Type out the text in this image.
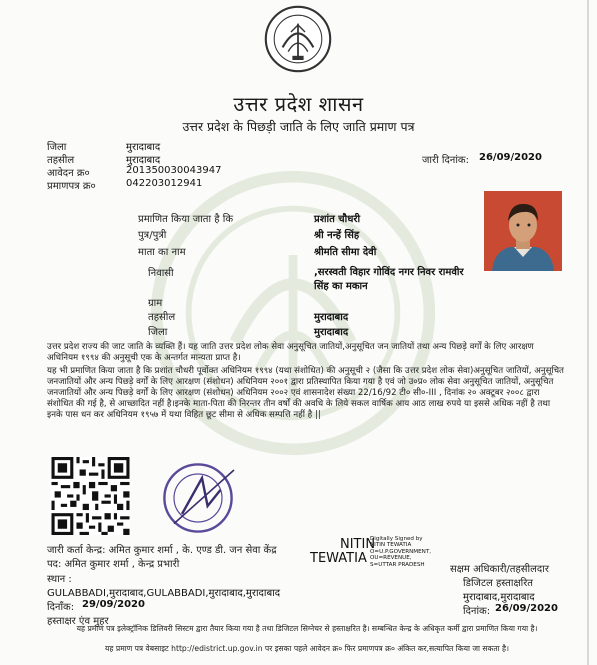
उत्तर प्रदेश शासन
उत्तर प्रदेश के पिछड़ी जाति के लिए जाति प्रमाण पत्र
जिला	मुरादाबाद
तहसील	मुरादाबाद
आवेदन क्र०	201350030043947
प्रमाणपत्र क्र०	042203012941
जारी दिनांक: 26/09/2020
प्रमाणित किया जाता है कि	प्रशांत चौधरी
पुत्र/पुत्री	श्री नन्हें सिंह
माता का नाम	श्रीमति सीमा देवी
निवासी	,सरस्वती विहार गोविंद नगर निवर रामवीर
सिंह का मकान
ग्राम
तहसील	मुरादाबाद
जिला	मुरादाबाद
उत्तर प्रदेश राज्य की जाट जाति के व्यक्ति हैं। यह जाति उत्तर प्रदेश लोक सेवा अनुसूचित जातियों,अनुसूचित जन जातियों तथा अन्य पिछड़े वर्गों के लिए आरक्षण अधिनियम १९९४ की अनुसूची एक के अन्तर्गत मान्यता प्राप्त है।
यह भी प्रमाणित किया जाता है कि प्रशांत चौधरी पूर्वोक्त अधिनियम १९९४ (यथा संशोधित) की अनुसूची २ (जैसा कि उत्तर प्रदेश लोक सेवा)अनुसूचित जातियों, अनुसूचित जनजातियों और अन्य पिछड़े वर्गों के लिए आरक्षण (संशोधन) अधिनियम २००१ द्वारा प्रतिस्थापित किया गया है एवं जो उ०प्र० लोक सेवा अनुसूचित जातियों, अनुसूचित जनजातियों और अन्य पिछड़े वर्गों के लिए आरक्षण (संशोधन) अधिनियम २००२ एवं शासनादेश संख्या 22/16/92 टी० सी०-III , दिनांक २० अक्टूबर २००८ द्वारा संशोधित की गई है, से आच्छादित नहीं है।इनके माता-पिता की निरन्तर तीन वर्षों की अवधि के लिये सकल वार्षिक आय आठ लाख रुपये या इससे अधिक नहीं है तथा इनके पास धन कर अधिनियम १९५७ में यथा विहित छूट सीमा से अधिक सम्पत्ति नहीं है ||
जारी कर्ता केन्द्र: अमित कुमार शर्मा , के. एण्ड डी. जन सेवा केंद्र
पद: अमित कुमार शर्मा , केन्द्र प्रभारी
स्थान :
GULABBADI,मुरादाबाद,GULABBADI,मुरादाबाद,मुरादाबाद
दिनाँक: 29/09/2020
हस्ताक्षर एंव मुहर
NITIN
TEWATIA
Digitally Signed by
NITIN TEWATIA
O=U.P.GOVERNMENT,
OU=REVENUE,
S=UTTAR PRADESH	सक्षम अधिकारी/तहसीलदार
डिजिटल हस्ताक्षरित
मुरादाबाद,मुरादाबाद
दिनांक: 26/09/2020
यह प्रमाण पत्र इलेक्ट्रॉनिक डिलिवरी सिस्टम द्वारा तैयार किया गया है तथा डिजिटल सिग्नेचर से हस्ताक्षरित है। सम्बन्धित केन्द्र के अधिकृत कर्मी द्वारा प्रमाणित किया गया है।
यह प्रमाण पत्र वेबसाइट http://edistrict.up.gov.in पर इसका पहले आवेदन क्र० फिर प्रमाणपत्र क्र० अंकित कर,सत्यापित किया जा सकता है।
